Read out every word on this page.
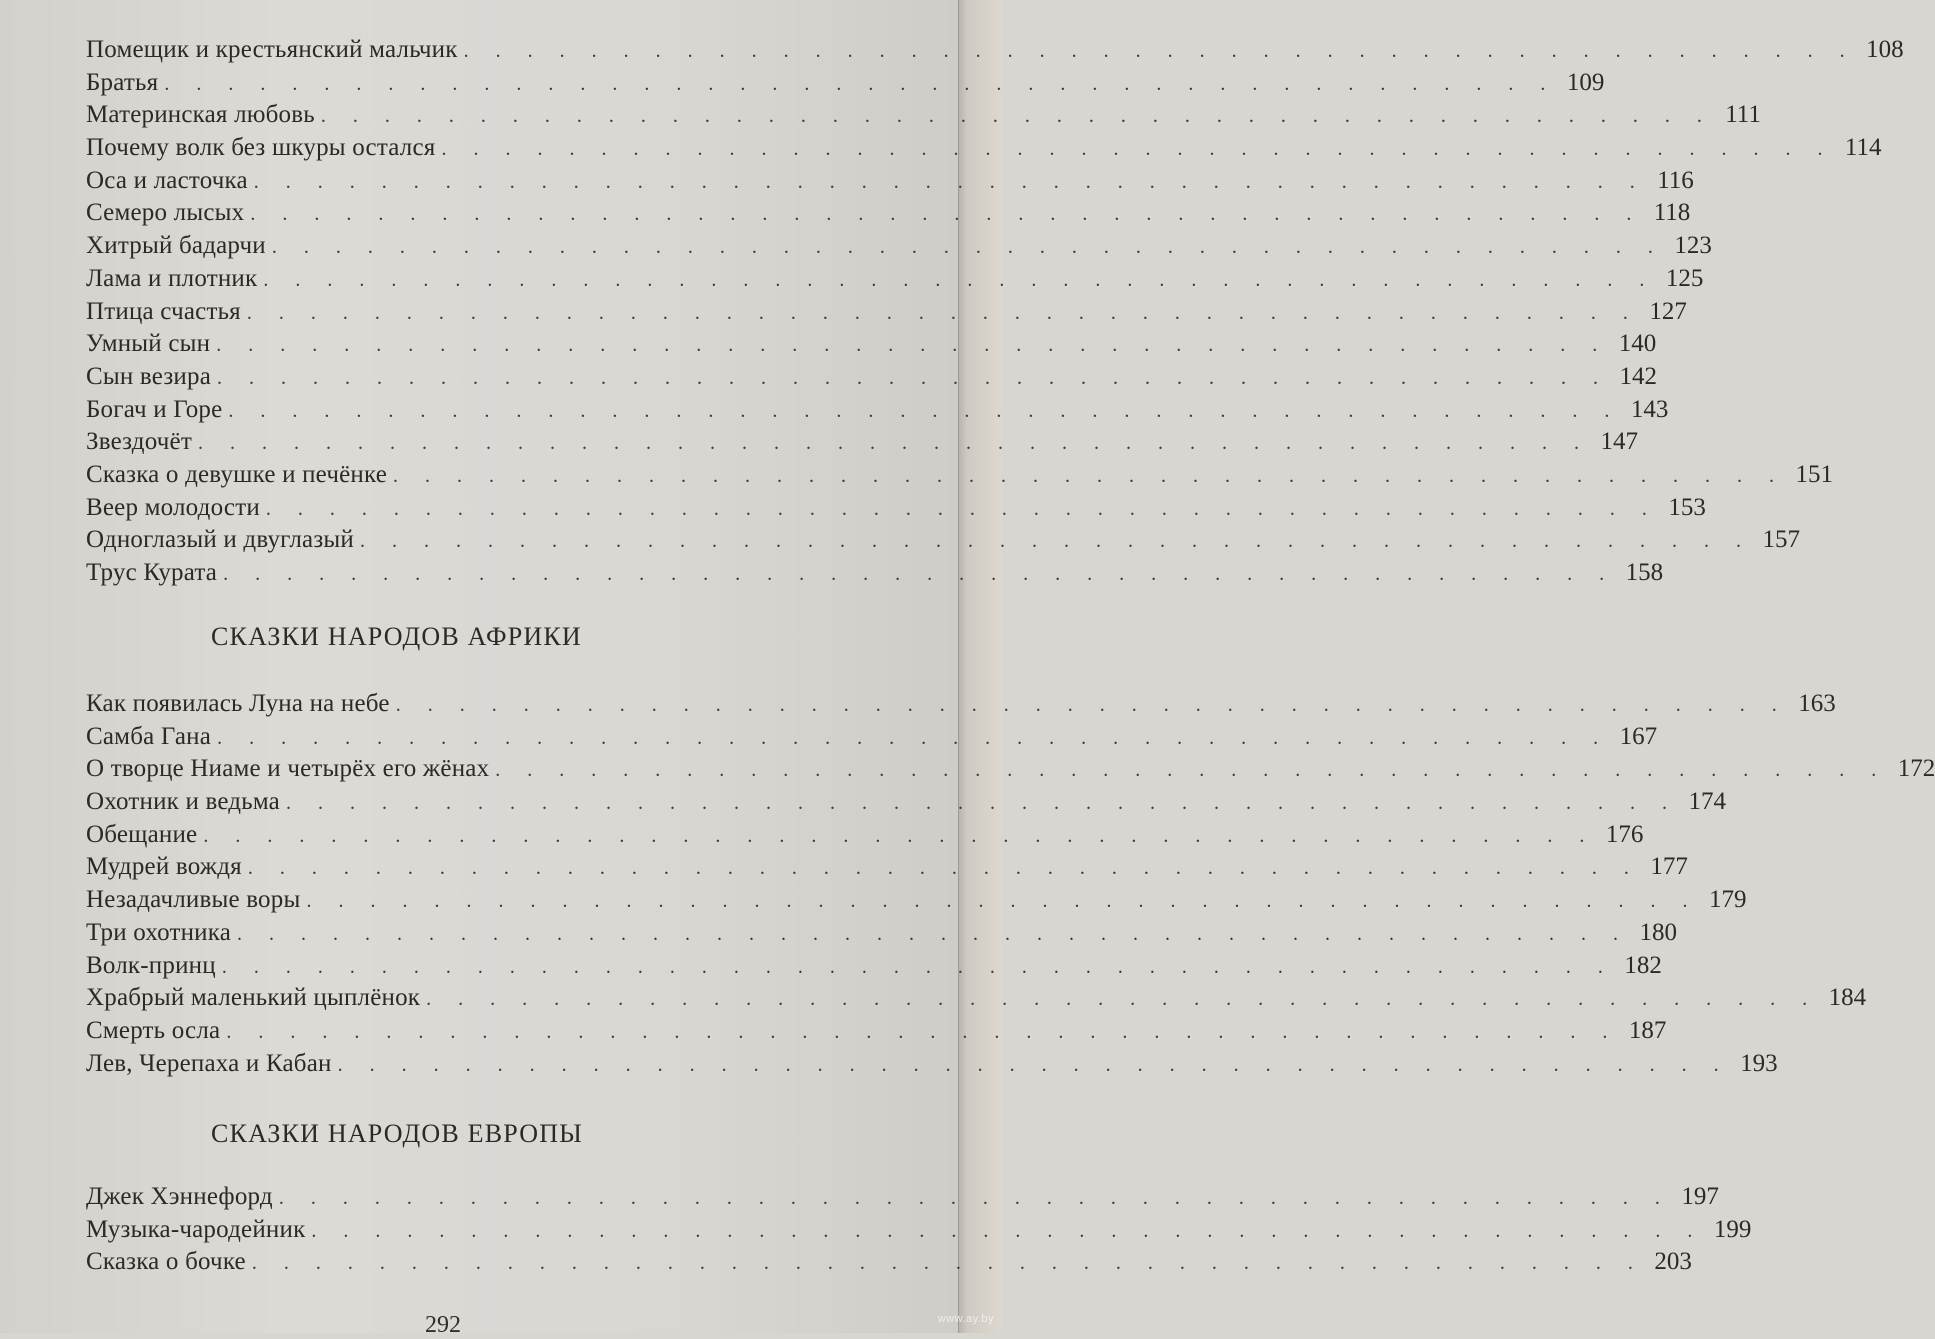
Помещик и крестьянский мальчик . . . . . . . . . . . . . . . . . . . . . . . . . . . . . . . . . . . . . . . . . . . . 108
Братья . . . . . . . . . . . . . . . . . . . . . . . . . . . . . . . . . . . . . . . . . . . . 109
Материнская любовь . . . . . . . . . . . . . . . . . . . . . . . . . . . . . . . . . . . . . . . . . . . . 111
Почему волк без шкуры остался . . . . . . . . . . . . . . . . . . . . . . . . . . . . . . . . . . . . . . . . . . . . 114
Оса и ласточка . . . . . . . . . . . . . . . . . . . . . . . . . . . . . . . . . . . . . . . . . . . . 116
Семеро лысых . . . . . . . . . . . . . . . . . . . . . . . . . . . . . . . . . . . . . . . . . . . . 118
Хитрый бадарчи . . . . . . . . . . . . . . . . . . . . . . . . . . . . . . . . . . . . . . . . . . . . 123
Лама и плотник . . . . . . . . . . . . . . . . . . . . . . . . . . . . . . . . . . . . . . . . . . . . 125
Птица счастья . . . . . . . . . . . . . . . . . . . . . . . . . . . . . . . . . . . . . . . . . . . . 127
Умный сын . . . . . . . . . . . . . . . . . . . . . . . . . . . . . . . . . . . . . . . . . . . . 140
Сын везира . . . . . . . . . . . . . . . . . . . . . . . . . . . . . . . . . . . . . . . . . . . . 142
Богач и Горе . . . . . . . . . . . . . . . . . . . . . . . . . . . . . . . . . . . . . . . . . . . . 143
Звездочёт . . . . . . . . . . . . . . . . . . . . . . . . . . . . . . . . . . . . . . . . . . . . 147
Сказка о девушке и печёнке . . . . . . . . . . . . . . . . . . . . . . . . . . . . . . . . . . . . . . . . . . . . 151
Веер молодости . . . . . . . . . . . . . . . . . . . . . . . . . . . . . . . . . . . . . . . . . . . . 153
Одноглазый и двуглазый . . . . . . . . . . . . . . . . . . . . . . . . . . . . . . . . . . . . . . . . . . . . 157
Трус Курата . . . . . . . . . . . . . . . . . . . . . . . . . . . . . . . . . . . . . . . . . . . . 158
СКАЗКИ НАРОДОВ АФРИКИ
Как появилась Луна на небе . . . . . . . . . . . . . . . . . . . . . . . . . . . . . . . . . . . . . . . . . . . . 163
Самба Гана . . . . . . . . . . . . . . . . . . . . . . . . . . . . . . . . . . . . . . . . . . . . 167
О творце Ниаме и четырёх его жёнах . . . . . . . . . . . . . . . . . . . . . . . . . . . . . . . . . . . . . . . . . . . . 172
Охотник и ведьма . . . . . . . . . . . . . . . . . . . . . . . . . . . . . . . . . . . . . . . . . . . . 174
Обещание . . . . . . . . . . . . . . . . . . . . . . . . . . . . . . . . . . . . . . . . . . . . 176
Мудрей вождя . . . . . . . . . . . . . . . . . . . . . . . . . . . . . . . . . . . . . . . . . . . . 177
Незадачливые воры . . . . . . . . . . . . . . . . . . . . . . . . . . . . . . . . . . . . . . . . . . . . 179
Три охотника . . . . . . . . . . . . . . . . . . . . . . . . . . . . . . . . . . . . . . . . . . . . 180
Волк-принц . . . . . . . . . . . . . . . . . . . . . . . . . . . . . . . . . . . . . . . . . . . . 182
Храбрый маленький цыплёнок . . . . . . . . . . . . . . . . . . . . . . . . . . . . . . . . . . . . . . . . . . . . 184
Смерть осла . . . . . . . . . . . . . . . . . . . . . . . . . . . . . . . . . . . . . . . . . . . . 187
Лев, Черепаха и Кабан . . . . . . . . . . . . . . . . . . . . . . . . . . . . . . . . . . . . . . . . . . . . 193
СКАЗКИ НАРОДОВ ЕВРОПЫ
Джек Хэннефорд . . . . . . . . . . . . . . . . . . . . . . . . . . . . . . . . . . . . . . . . . . . . 197
Музыка-чародейник . . . . . . . . . . . . . . . . . . . . . . . . . . . . . . . . . . . . . . . . . . . . 199
Сказка о бочке . . . . . . . . . . . . . . . . . . . . . . . . . . . . . . . . . . . . . . . . . . . . 203
292	www.ay.by
